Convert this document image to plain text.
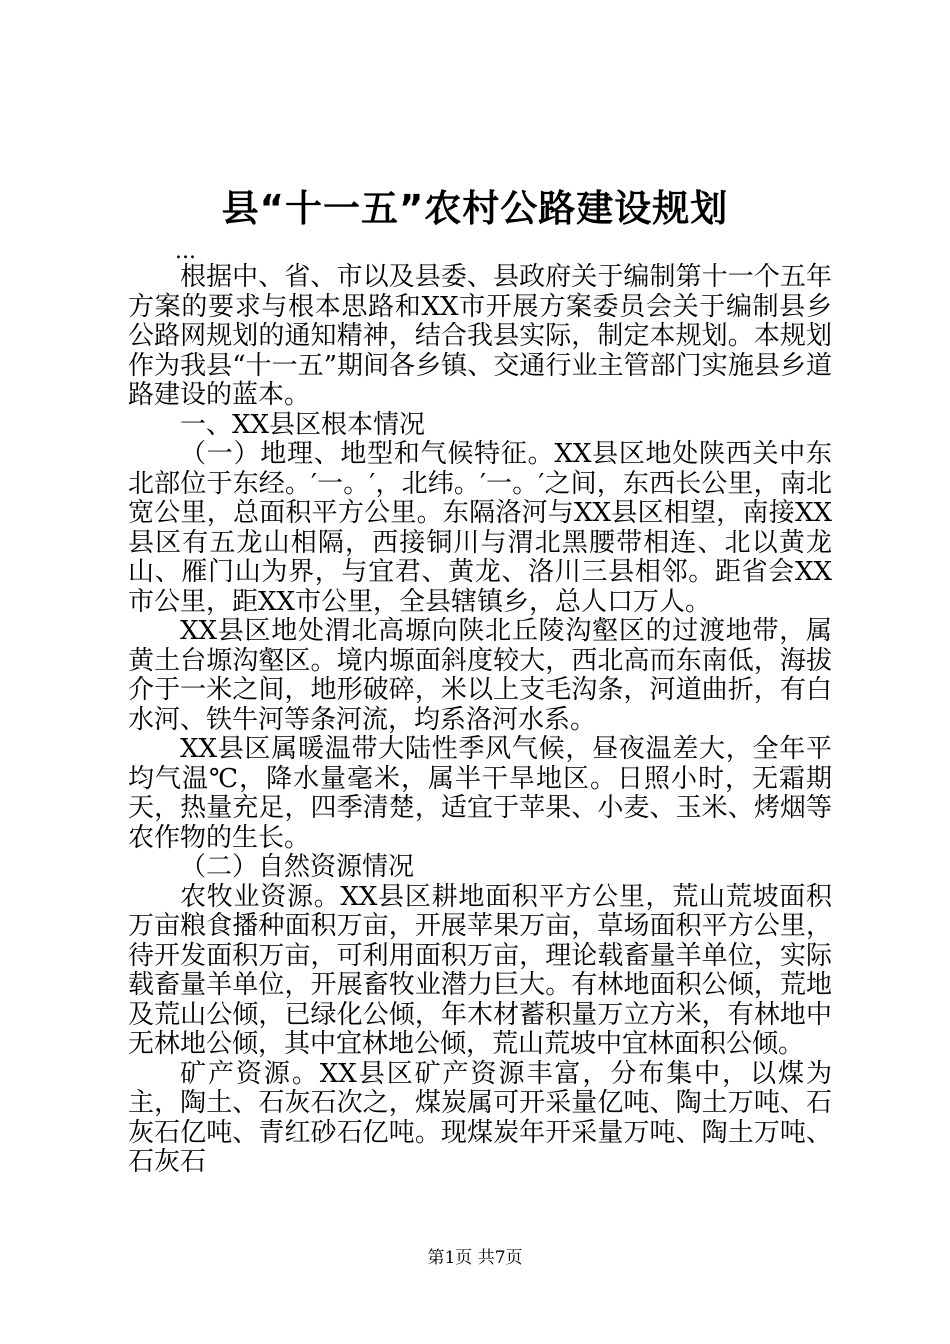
县“十一五”农村公路建设规划
...

根据中、省、市以及县委、县政府关于编制第十一个五年方案的要求与根本思路和XX市开展方案委员会关于编制县乡公路网规划的通知精神，结合我县实际，制定本规划。本规划作为我县“十一五”期间各乡镇、交通行业主管部门实施县乡道路建设的蓝本。

一、XX县区根本情况

（一）地理、地型和气候特征。XX县区地处陕西关中东北部位于东经。′一。′，北纬。′一。′之间，东西长公里，南北宽公里，总面积平方公里。东隔洛河与XX县区相望，南接XX县区有五龙山相隔，西接铜川与渭北黑腰带相连、北以黄龙山、雁门山为界，与宜君、黄龙、洛川三县相邻。距省会XX市公里，距XX市公里，全县辖镇乡，总人口万人。

XX县区地处渭北高塬向陕北丘陵沟壑区的过渡地带，属黄土台塬沟壑区。境内塬面斜度较大，西北高而东南低，海拔介于一米之间，地形破碎，米以上支毛沟条，河道曲折，有白水河、铁牛河等条河流，均系洛河水系。

XX县区属暖温带大陆性季风气候，昼夜温差大，全年平均气温℃，降水量毫米，属半干旱地区。日照小时，无霜期天，热量充足，四季清楚，适宜于苹果、小麦、玉米、烤烟等农作物的生长。

（二）自然资源情况

农牧业资源。XX县区耕地面积平方公里，荒山荒坡面积万亩粮食播种面积万亩，开展苹果万亩，草场面积平方公里，待开发面积万亩，可利用面积万亩，理论载畜量羊单位，实际载畜量羊单位，开展畜牧业潜力巨大。有林地面积公倾，荒地及荒山公倾，已绿化公倾，年木材蓄积量万立方米，有林地中无林地公倾，其中宜林地公倾，荒山荒坡中宜林面积公倾。

矿产资源。XX县区矿产资源丰富，分布集中，以煤为主，陶土、石灰石次之，煤炭属可开采量亿吨、陶土万吨、石灰石亿吨、青红砂石亿吨。现煤炭年开采量万吨、陶土万吨、石灰石

第1页 共7页
